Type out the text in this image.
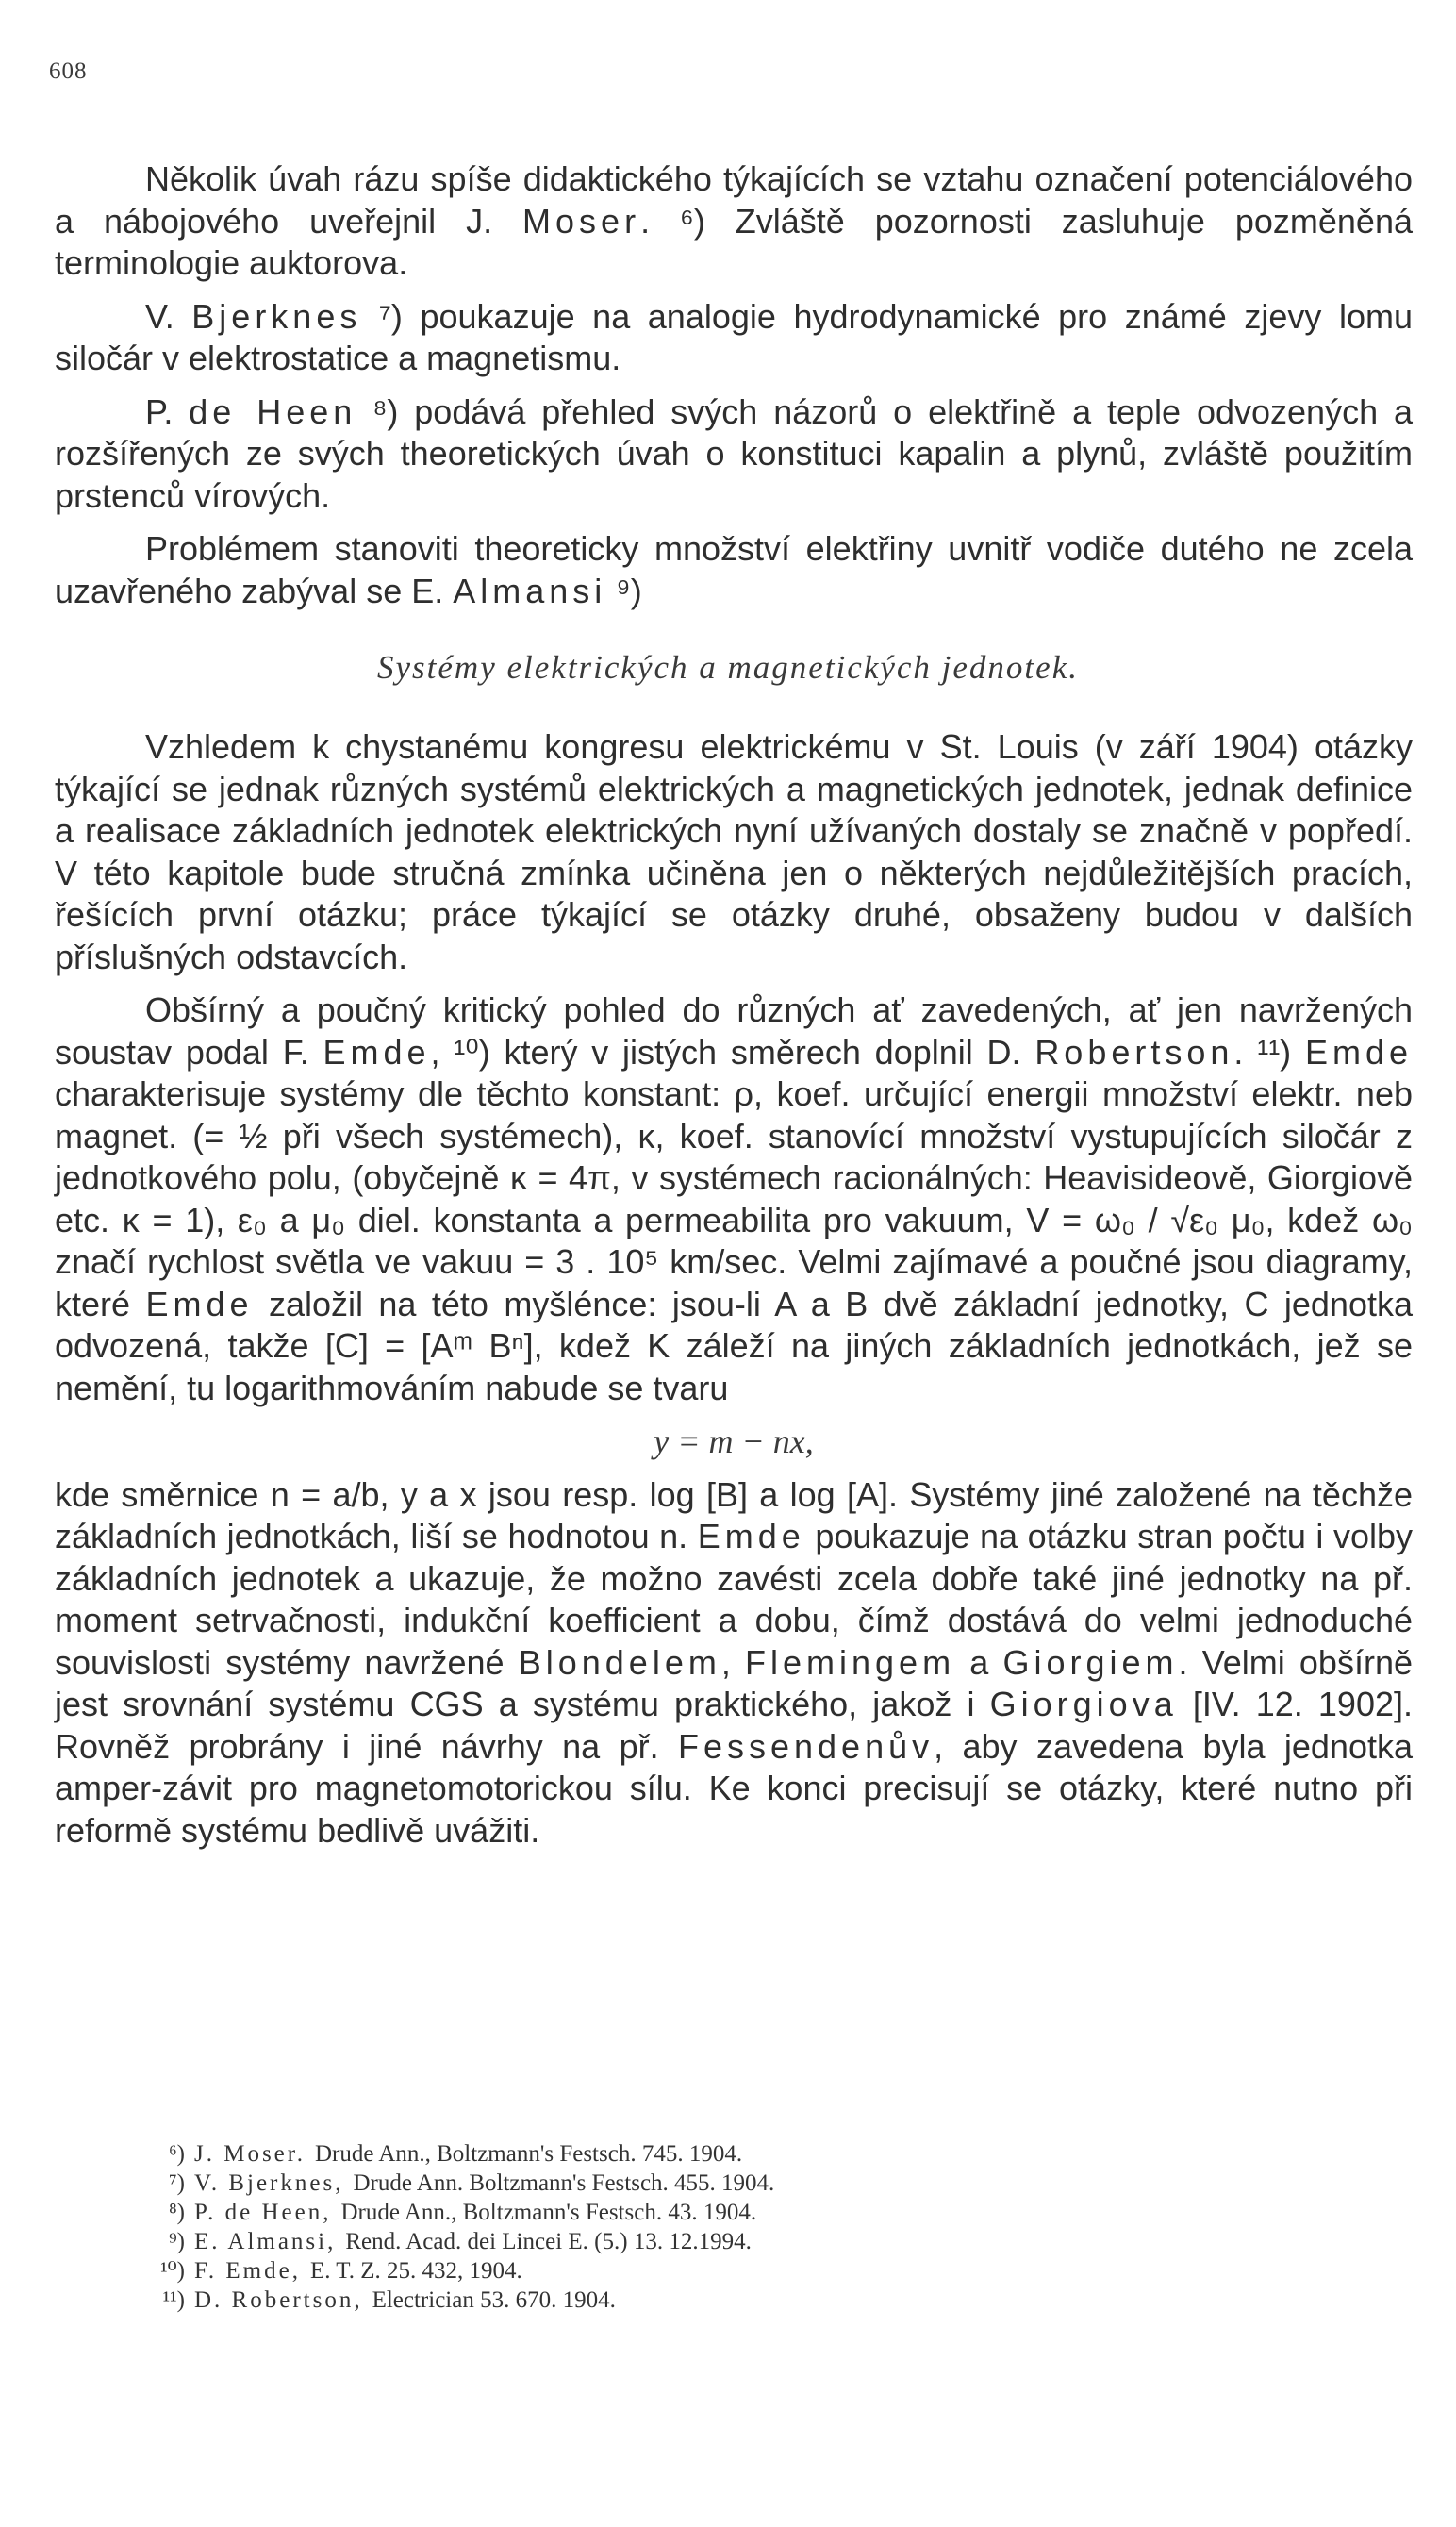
608

Několik úvah rázu spíše didaktického týkajících se vztahu označení potenciálového a nábojového uveřejnil J. Moser. ⁶) Zvláště pozornosti zasluhuje pozměněná terminologie auktorova.

V. Bjerknes ⁷) poukazuje na analogie hydrodynamické pro známé zjevy lomu siločár v elektrostatice a magnetismu.

P. de Heen ⁸) podává přehled svých názorů o elektřině a teple odvozených a rozšířených ze svých theoretických úvah o konstituci kapalin a plynů, zvláště použitím prstenců vírových.

Problémem stanoviti theoreticky množství elektřiny uvnitř vodiče dutého ne zcela uzavřeného zabýval se E. Almansi ⁹)

Systémy elektrických a magnetických jednotek.

Vzhledem k chystanému kongresu elektrickému v St. Louis (v září 1904) otázky týkající se jednak různých systémů elektrických a magnetických jednotek, jednak definice a realisace základních jednotek elektrických nyní užívaných dostaly se značně v popředí. V této kapitole bude stručná zmínka učiněna jen o některých nejdůležitějších pracích, řešících první otázku; práce týkající se otázky druhé, obsaženy budou v dalších příslušných odstavcích.

Obšírný a poučný kritický pohled do různých ať zavedených, ať jen navržených soustav podal F. Emde, ¹⁰) který v jistých směrech doplnil D. Robertson. ¹¹) Emde charakterisuje systémy dle těchto konstant: ρ, koef. určující energii množství elektr. neb magnet. (= ½ při všech systémech), κ, koef. stanovící množství vystupujících siločár z jednotkového polu, (obyčejně κ = 4π, v systémech racionálných: Heavisideově, Giorgiově etc. κ = 1), ε₀ a μ₀ diel. konstanta a permeabilita pro vakuum, V = ω₀ / √ε₀ μ₀, kdež ω₀ značí rychlost světla ve vakuu = 3 . 10⁵ km/sec. Velmi zajímavé a poučné jsou diagramy, které Emde založil na této myšlénce: jsou-li A a B dvě základní jednotky, C jednotka odvozená, takže [C] = [Aᵐ Bⁿ], kdež K záleží na jiných základních jednotkách, jež se nemění, tu logarithmováním nabude se tvaru

y = m − nx,

kde směrnice n = a/b, y a x jsou resp. log [B] a log [A]. Systémy jiné založené na těchže základních jednotkách, liší se hodnotou n. Emde poukazuje na otázku stran počtu i volby základních jednotek a ukazuje, že možno zavésti zcela dobře také jiné jednotky na př. moment setrvačnosti, indukční koefficient a dobu, čímž dostává do velmi jednoduché souvislosti systémy navržené Blondelem, Flemingem a Giorgiem. Velmi obšírně jest srovnání systému CGS a systému praktického, jakož i Giorgiova [IV. 12. 1902]. Rovněž probrány i jiné návrhy na př. Fessendenův, aby zavedena byla jednotka amper-závit pro magnetomotorickou sílu. Ke konci precisují se otázky, které nutno při reformě systému bedlivě uvážiti.

⁶) J. Moser. Drude Ann., Boltzmann's Festsch. 745. 1904.
⁷) V. Bjerknes, Drude Ann. Boltzmann's Festsch. 455. 1904.
⁸) P. de Heen, Drude Ann., Boltzmann's Festsch. 43. 1904.
⁹) E. Almansi, Rend. Acad. dei Lincei E. (5.) 13. 12.1994.
¹⁰) F. Emde, E. T. Z. 25. 432, 1904.
¹¹) D. Robertson, Electrician 53. 670. 1904.
